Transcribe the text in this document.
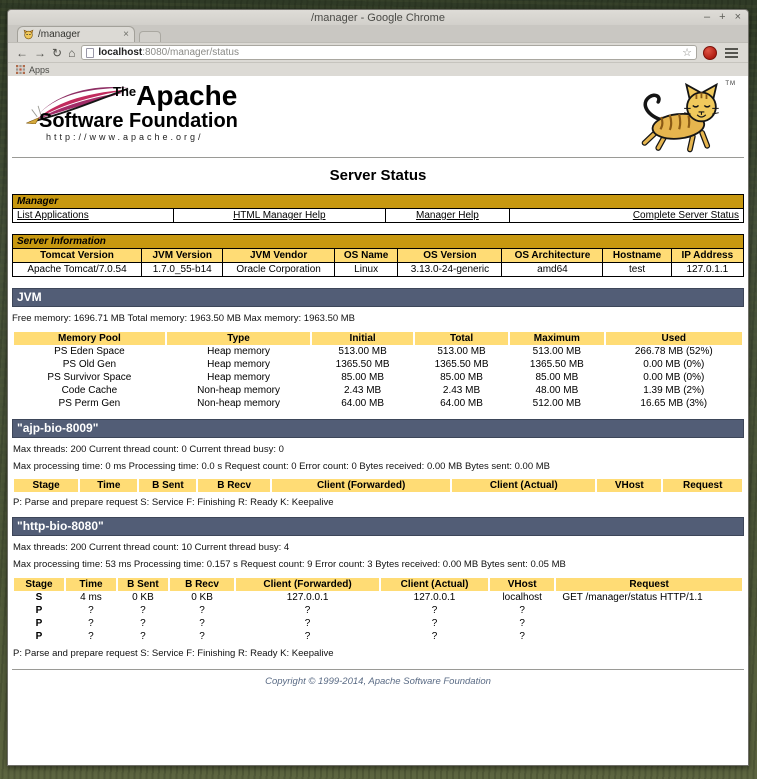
/manager - Google Chrome	– + ×
/manager	×
← → ↻ ⌂ localhost:8080/manager/status	☆
Apps
TheApache
Software Foundation
http://www.apache.org/
TM
Server Status
Manager
List Applications	HTML Manager Help	Manager Help	Complete Server Status
Server Information							
Tomcat Version	JVM Version	JVM Vendor	OS Name	OS Version	OS Architecture	Hostname	IP Address
Apache Tomcat/7.0.54	1.7.0_55-b14	Oracle Corporation	Linux	3.13.0-24-generic	amd64	test	127.0.1.1
JVM
Free memory: 1696.71 MB Total memory: 1963.50 MB Max memory: 1963.50 MB
Memory Pool	Type	Initial	Total	Maximum	Used
PS Eden Space	Heap memory	513.00 MB	513.00 MB	513.00 MB	266.78 MB (52%)
PS Old Gen	Heap memory	1365.50 MB	1365.50 MB	1365.50 MB	0.00 MB (0%)
PS Survivor Space	Heap memory	85.00 MB	85.00 MB	85.00 MB	0.00 MB (0%)
Code Cache	Non-heap memory	2.43 MB	2.43 MB	48.00 MB	1.39 MB (2%)
PS Perm Gen	Non-heap memory	64.00 MB	64.00 MB	512.00 MB	16.65 MB (3%)
"ajp-bio-8009"
Max threads: 200 Current thread count: 0 Current thread busy: 0
Max processing time: 0 ms Processing time: 0.0 s Request count: 0 Error count: 0 Bytes received: 0.00 MB Bytes sent: 0.00 MB
Stage	Time	B Sent	B Recv	Client (Forwarded)	Client (Actual)	VHost	Request
P: Parse and prepare request S: Service F: Finishing R: Ready K: Keepalive
"http-bio-8080"
Max threads: 200 Current thread count: 10 Current thread busy: 4
Max processing time: 53 ms Processing time: 0.157 s Request count: 9 Error count: 3 Bytes received: 0.00 MB Bytes sent: 0.05 MB
Stage	Time	B Sent	B Recv	Client (Forwarded)	Client (Actual)	VHost	Request
S	4 ms	0 KB	0 KB	127.0.0.1	127.0.0.1	localhost	GET /manager/status HTTP/1.1
P	?	?	?	?	?	?	
P	?	?	?	?	?	?	
P	?	?	?	?	?	?	
P: Parse and prepare request S: Service F: Finishing R: Ready K: Keepalive
Copyright © 1999-2014, Apache Software Foundation
